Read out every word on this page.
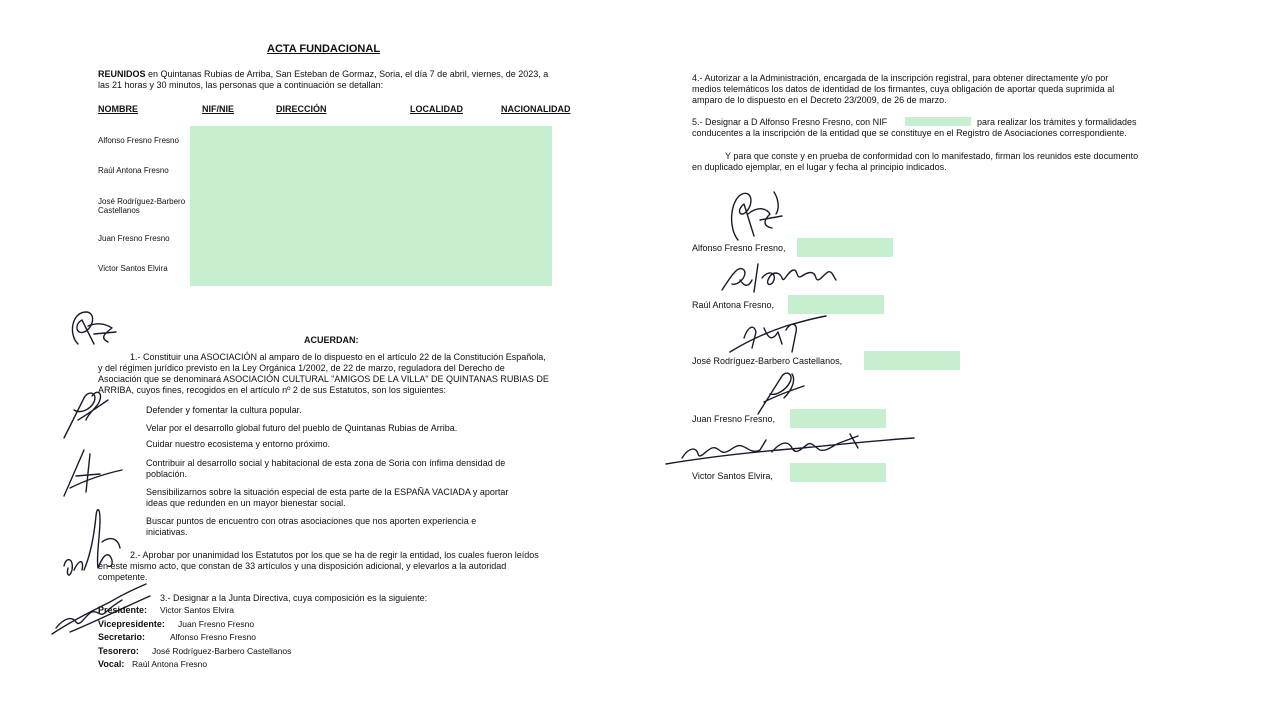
ACTA FUNDACIONAL
REUNIDOS en Quintanas Rubias de Arriba, San Esteban de Gormaz, Soria, el día 7 de abril, viernes, de 2023, a
las 21 horas y 30 minutos, las personas que a continuación se detallan:
NOMBRE	NIF/NIE	DIRECCIÓN	LOCALIDAD	NACIONALIDAD
Alfonso Fresno Fresno
Raúl Antona Fresno
José Rodríguez-Barbero
Castellanos
Juan Fresno Fresno
Victor Santos Elvira
ACUERDAN:
1.- Constituir una ASOCIACIÓN al amparo de lo dispuesto en el artículo 22 de la Constitución Española,
y del régimen jurídico previsto en la Ley Orgánica 1/2002, de 22 de marzo, reguladora del Derecho de
Asociación que se denominará ASOCIACIÓN CULTURAL "AMIGOS DE LA VILLA" DE QUINTANAS RUBIAS DE
ARRIBA, cuyos fines, recogidos en el artículo nº 2 de sus Estatutos, son los siguientes:
Defender y fomentar la cultura popular.
Velar por el desarrollo global futuro del pueblo de Quintanas Rubias de Arriba.
Cuidar nuestro ecosistema y entorno próximo.
Contribuir al desarrollo social y habitacional de esta zona de Soria con ínfima densidad de
población.
Sensibilizarnos sobre la situación especial de esta parte de la ESPAÑA VACIADA y aportar
ideas que redunden en un mayor bienestar social.
Buscar puntos de encuentro con otras asociaciones que nos aporten experiencia e
iniciativas.
2.- Aprobar por unanimidad los Estatutos por los que se ha de regir la entidad, los cuales fueron leídos
en este mismo acto, que constan de 33 artículos y una disposición adicional, y elevarlos a la autoridad
competente.
3.- Designar a la Junta Directiva, cuya composición es la siguiente:
Presidente: Victor Santos Elvira
Vicepresidente: Juan Fresno Fresno
Secretario:	Alfonso Fresno Fresno
Tesorero: José Rodríguez-Barbero Castellanos
Vocal: Raúl Antona Fresno
4.- Autorizar a la Administración, encargada de la inscripción registral, para obtener directamente y/o por
medios telemáticos los datos de identidad de los firmantes, cuya obligación de aportar queda suprimida al
amparo de lo dispuesto en el Decreto 23/2009, de 26 de marzo.
5.- Designar a D Alfonso Fresno Fresno, con NIF	para realizar los trámites y formalidades
conducentes a la inscripción de la entidad que se constituye en el Registro de Asociaciones correspondiente.
Y para que conste y en prueba de conformidad con lo manifestado, firman los reunidos este documento
en duplicado ejemplar, en el lugar y fecha al principio indicados.
Alfonso Fresno Fresno,
Raúl Antona Fresno,
José Rodríguez-Barbero Castellanos,
Juan Fresno Fresno,
Victor Santos Elvira,
